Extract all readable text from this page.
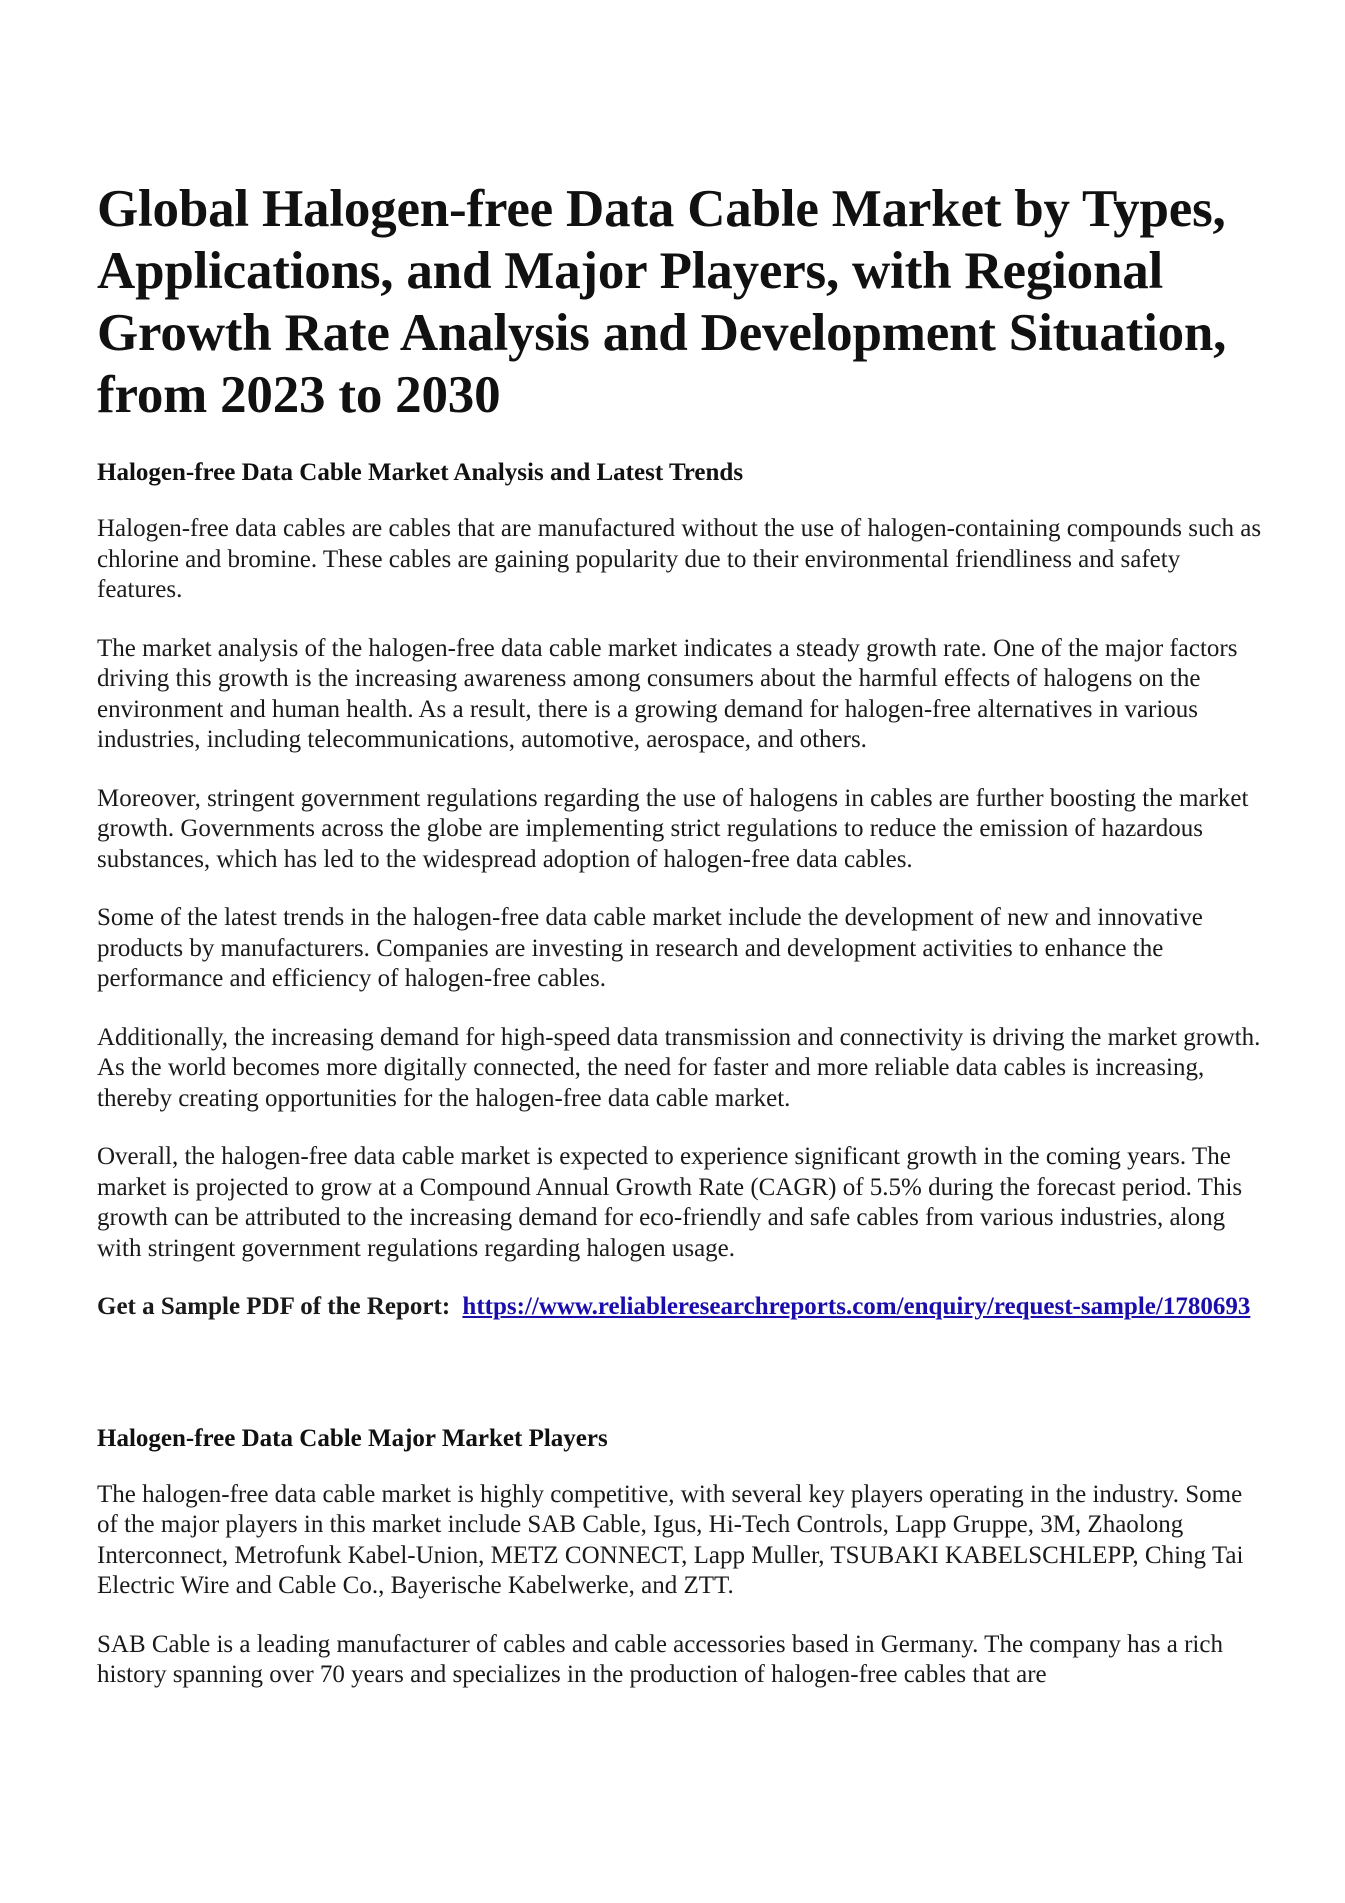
Global Halogen-free Data Cable Market by Types, Applications, and Major Players, with Regional Growth Rate Analysis and Development Situation, from 2023 to 2030
Halogen-free Data Cable Market Analysis and Latest Trends

Halogen-free data cables are cables that are manufactured without the use of halogen-containing compounds such as chlorine and bromine. These cables are gaining popularity due to their environmental friendliness and safety features.

The market analysis of the halogen-free data cable market indicates a steady growth rate. One of the major factors driving this growth is the increasing awareness among consumers about the harmful effects of halogens on the environment and human health. As a result, there is a growing demand for halogen-free alternatives in various industries, including telecommunications, automotive, aerospace, and others.

Moreover, stringent government regulations regarding the use of halogens in cables are further boosting the market growth. Governments across the globe are implementing strict regulations to reduce the emission of hazardous substances, which has led to the widespread adoption of halogen-free data cables.

Some of the latest trends in the halogen-free data cable market include the development of new and innovative products by manufacturers. Companies are investing in research and development activities to enhance the performance and efficiency of halogen-free cables.

Additionally, the increasing demand for high-speed data transmission and connectivity is driving the market growth. As the world becomes more digitally connected, the need for faster and more reliable data cables is increasing, thereby creating opportunities for the halogen-free data cable market.

Overall, the halogen-free data cable market is expected to experience significant growth in the coming years. The market is projected to grow at a Compound Annual Growth Rate (CAGR) of 5.5% during the forecast period. This growth can be attributed to the increasing demand for eco-friendly and safe cables from various industries, along with stringent government regulations regarding halogen usage.

Get a Sample PDF of the Report: https://www.reliableresearchreports.com/enquiry/request-sample/1780693

Halogen-free Data Cable Major Market Players

The halogen-free data cable market is highly competitive, with several key players operating in the industry. Some of the major players in this market include SAB Cable, Igus, Hi-Tech Controls, Lapp Gruppe, 3M, Zhaolong Interconnect, Metrofunk Kabel-Union, METZ CONNECT, Lapp Muller, TSUBAKI KABELSCHLEPP, Ching Tai Electric Wire and Cable Co., Bayerische Kabelwerke, and ZTT.

SAB Cable is a leading manufacturer of cables and cable accessories based in Germany. The company has a rich history spanning over 70 years and specializes in the production of halogen-free cables that are
